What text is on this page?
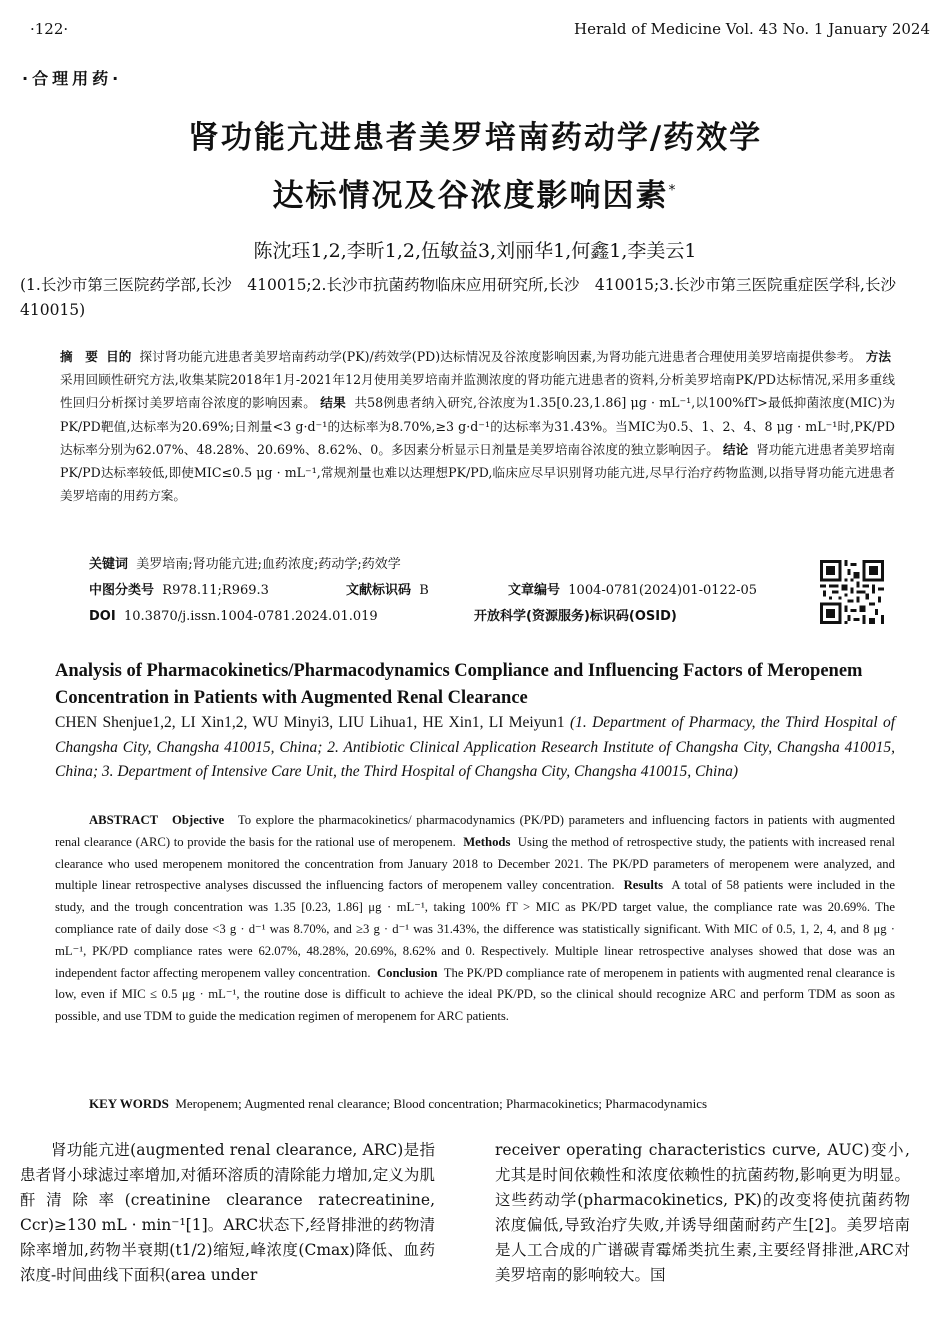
·122·	Herald of Medicine Vol. 43 No. 1 January 2024
·合理用药·
肾功能亢进患者美罗培南药动学/药效学
达标情况及谷浓度影响因素*
陈沈珏1,2,李昕1,2,伍敏益3,刘丽华1,何鑫1,李美云1
(1.长沙市第三医院药学部,长沙　410015;2.长沙市抗菌药物临床应用研究所,长沙　410015;3.长沙市第三医院重症医学科,长沙　410015)
摘　要 目的 探讨肾功能亢进患者美罗培南药动学(PK)/药效学(PD)达标情况及谷浓度影响因素,为肾功能亢进患者合理使用美罗培南提供参考。 方法  采用回顾性研究方法,收集某院2018年1月-2021年12月使用美罗培南并监测浓度的肾功能亢进患者的资料,分析美罗培南PK/PD达标情况,采用多重线性回归分析探讨美罗培南谷浓度的影响因素。 结果 共58例患者纳入研究,谷浓度为1.35[0.23,1.86] μg · mL⁻¹,以100%fT>最低抑菌浓度(MIC)为PK/PD靶值,达标率为20.69%;日剂量<3 g·d⁻¹的达标率为8.70%,≥3 g·d⁻¹的达标率为31.43%。当MIC为0.5、1、2、4、8 μg · mL⁻¹时,PK/PD达标率分别为62.07%、48.28%、20.69%、8.62%、0。多因素分析显示日剂量是美罗培南谷浓度的独立影响因子。 结论 肾功能亢进患者美罗培南PK/PD达标率较低,即使MIC≤0.5 μg · mL⁻¹,常规剂量也难以达理想PK/PD,临床应尽早识别肾功能亢进,尽早行治疗药物监测,以指导肾功能亢进患者美罗培南的用药方案。
关键词 美罗培南;肾功能亢进;血药浓度;药动学;药效学
中图分类号 R978.11;R969.3	文献标识码 B	文章编号 1004-0781(2024)01-0122-05
DOI 10.3870/j.issn.1004-0781.2024.01.019	开放科学(资源服务)标识码(OSID)
Analysis of Pharmacokinetics/Pharmacodynamics Compliance and Influencing Factors of Meropenem Concentration in Patients with Augmented Renal Clearance
CHEN Shenjue1,2, LI Xin1,2, WU Minyi3, LIU Lihua1, HE Xin1, LI Meiyun1 (1. Department of Pharmacy, the Third Hospital of Changsha City, Changsha 410015, China; 2. Antibiotic Clinical Application Research Institute of Changsha City, Changsha 410015, China; 3. Department of Intensive Care Unit, the Third Hospital of Changsha City, Changsha 410015, China)
ABSTRACT Objective To explore the pharmacokinetics/ pharmacodynamics (PK/PD) parameters and influencing factors in patients with augmented renal clearance (ARC) to provide the basis for the rational use of meropenem. Methods Using the method of retrospective study, the patients with increased renal clearance who used meropenem monitored the concentration from January 2018 to December 2021. The PK/PD parameters of meropenem were analyzed, and multiple linear retrospective analyses discussed the influencing factors of meropenem valley concentration. Results A total of 58 patients were included in the study, and the trough concentration was 1.35 [0.23, 1.86] μg · mL⁻¹, taking 100% fT > MIC as PK/PD target value, the compliance rate was 20.69%. The compliance rate of daily dose <3 g · d⁻¹ was 8.70%, and ≥3 g · d⁻¹ was 31.43%, the difference was statistically significant. With MIC of 0.5, 1, 2, 4, and 8 μg · mL⁻¹, PK/PD compliance rates were 62.07%, 48.28%, 20.69%, 8.62% and 0. Respectively. Multiple linear retrospective analyses showed that dose was an independent factor affecting meropenem valley concentration. Conclusion The PK/PD compliance rate of meropenem in patients with augmented renal clearance is low, even if MIC ≤ 0.5 μg · mL⁻¹, the routine dose is difficult to achieve the ideal PK/PD, so the clinical should recognize ARC and perform TDM as soon as possible, and use TDM to guide the medication regimen of meropenem for ARC patients.
KEY WORDS Meropenem; Augmented renal clearance; Blood concentration; Pharmacokinetics; Pharmacodynamics
肾功能亢进(augmented renal clearance, ARC)是指患者肾小球滤过率增加,对循环溶质的清除能力增加,定义为肌酐清除率(creatinine clearance ratecreatinine, Ccr)≥130 mL · min⁻¹[1]。ARC状态下,经肾排泄的药物清除率增加,药物半衰期(t1/2)缩短,峰浓度(Cmax)降低、血药浓度-时间曲线下面积(area under
receiver operating characteristics curve, AUC)变小,尤其是时间依赖性和浓度依赖性的抗菌药物,影响更为明显。这些药动学(pharmacokinetics, PK)的改变将使抗菌药物浓度偏低,导致治疗失败,并诱导细菌耐药产生[2]。美罗培南是人工合成的广谱碳青霉烯类抗生素,主要经肾排泄,ARC对美罗培南的影响较大。国
